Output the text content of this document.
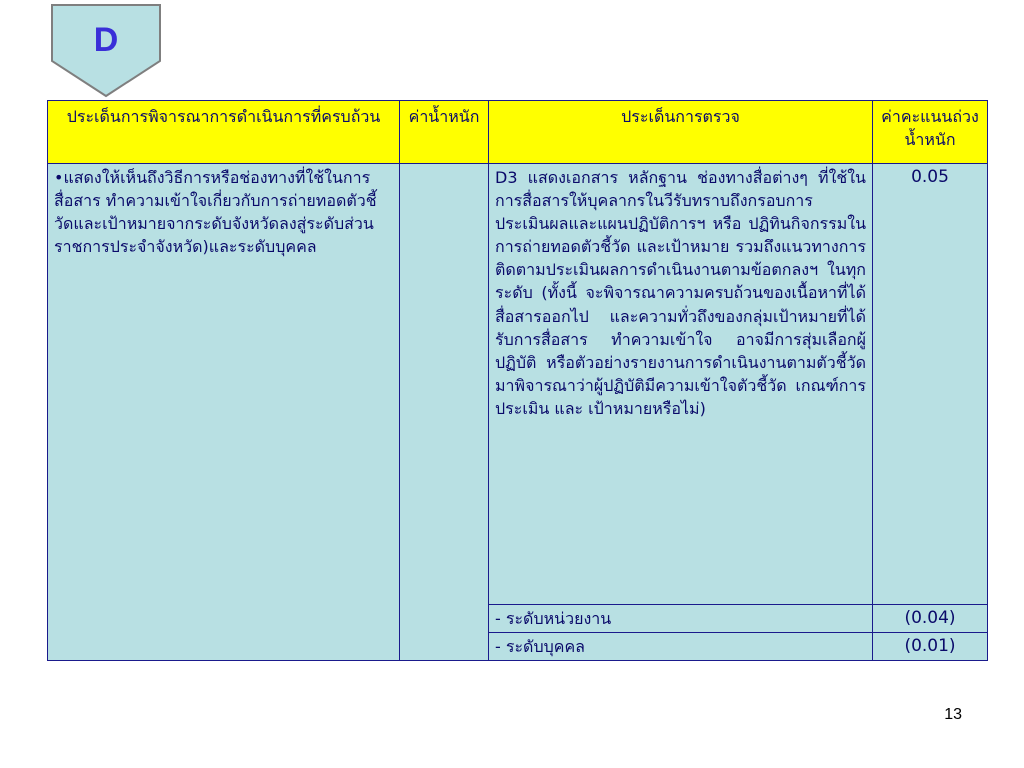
D
ประเด็นการพิจารณาการดำเนินการที่ครบถ้วน	ค่าน้ำหนัก	ประเด็นการตรวจ	ค่าคะแนนถ่วงน้ำหนัก
•แสดงให้เห็นถึงวิธีการหรือช่องทางที่ใช้ในการสื่อสาร ทำความเข้าใจเกี่ยวกับการถ่ายทอดตัวชี้วัดและเป้าหมายจากระดับจังหวัดลงสู่ระดับส่วนราชการประจำจังหวัด)และระดับบุคคล		D3 แสดงเอกสาร หลักฐาน ช่องทางสื่อต่างๆ ที่ใช้ในการสื่อสารให้บุคลากรในวีรับทราบถึงกรอบการประเมินผลและแผนปฏิบัติการฯ หรือ ปฏิทินกิจกรรมในการถ่ายทอดตัวชี้วัด และเป้าหมาย รวมถึงแนวทางการติดตามประเมินผลการดำเนินงานตามข้อตกลงฯ ในทุกระดับ (ทั้งนี้ จะพิจารณาความครบถ้วนของเนื้อหาที่ได้สื่อสารออกไป และความทั่วถึงของกลุ่มเป้าหมายที่ได้รับการสื่อสาร ทำความเข้าใจ อาจมีการสุ่มเลือกผู้ปฏิบัติ หรือตัวอย่างรายงานการดำเนินงานตามตัวชี้วัดมาพิจารณาว่าผู้ปฏิบัติมีความเข้าใจตัวชี้วัด เกณฑ์การประเมิน และ เป้าหมายหรือไม่)	0.05
		- ระดับหน่วยงาน	(0.04)
		- ระดับบุคคล	(0.01)
13
